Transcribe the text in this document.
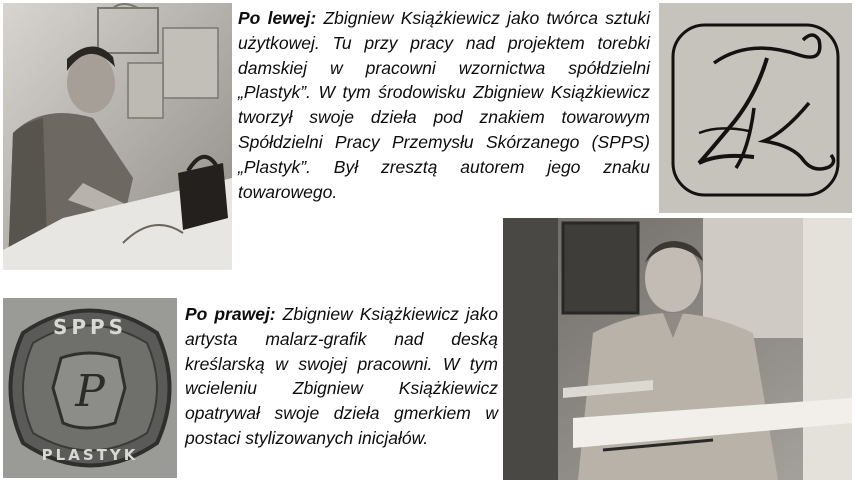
Po lewej: Zbigniew Książkiewicz jako twórca sztuki użytkowej. Tu przy pracy nad projektem torebki damskiej w pracowni wzornictwa spółdzielni „Plastyk”. W tym środowisku Zbigniew Książkiewicz tworzył swoje dzieła pod znakiem towarowym Spółdzielni Pracy Przemysłu Skórzanego (SPPS) „Plastyk”. Był zresztą autorem jego znaku towarowego.

P
SPPS
PLASTYK

Po prawej: Zbigniew Książkiewicz jako artysta malarz-grafik nad deską kreślarską w swojej pracowni. W tym wcieleniu Zbigniew Książkiewicz opatrywał swoje dzieła gmerkiem w postaci stylizowanych inicjałów.
